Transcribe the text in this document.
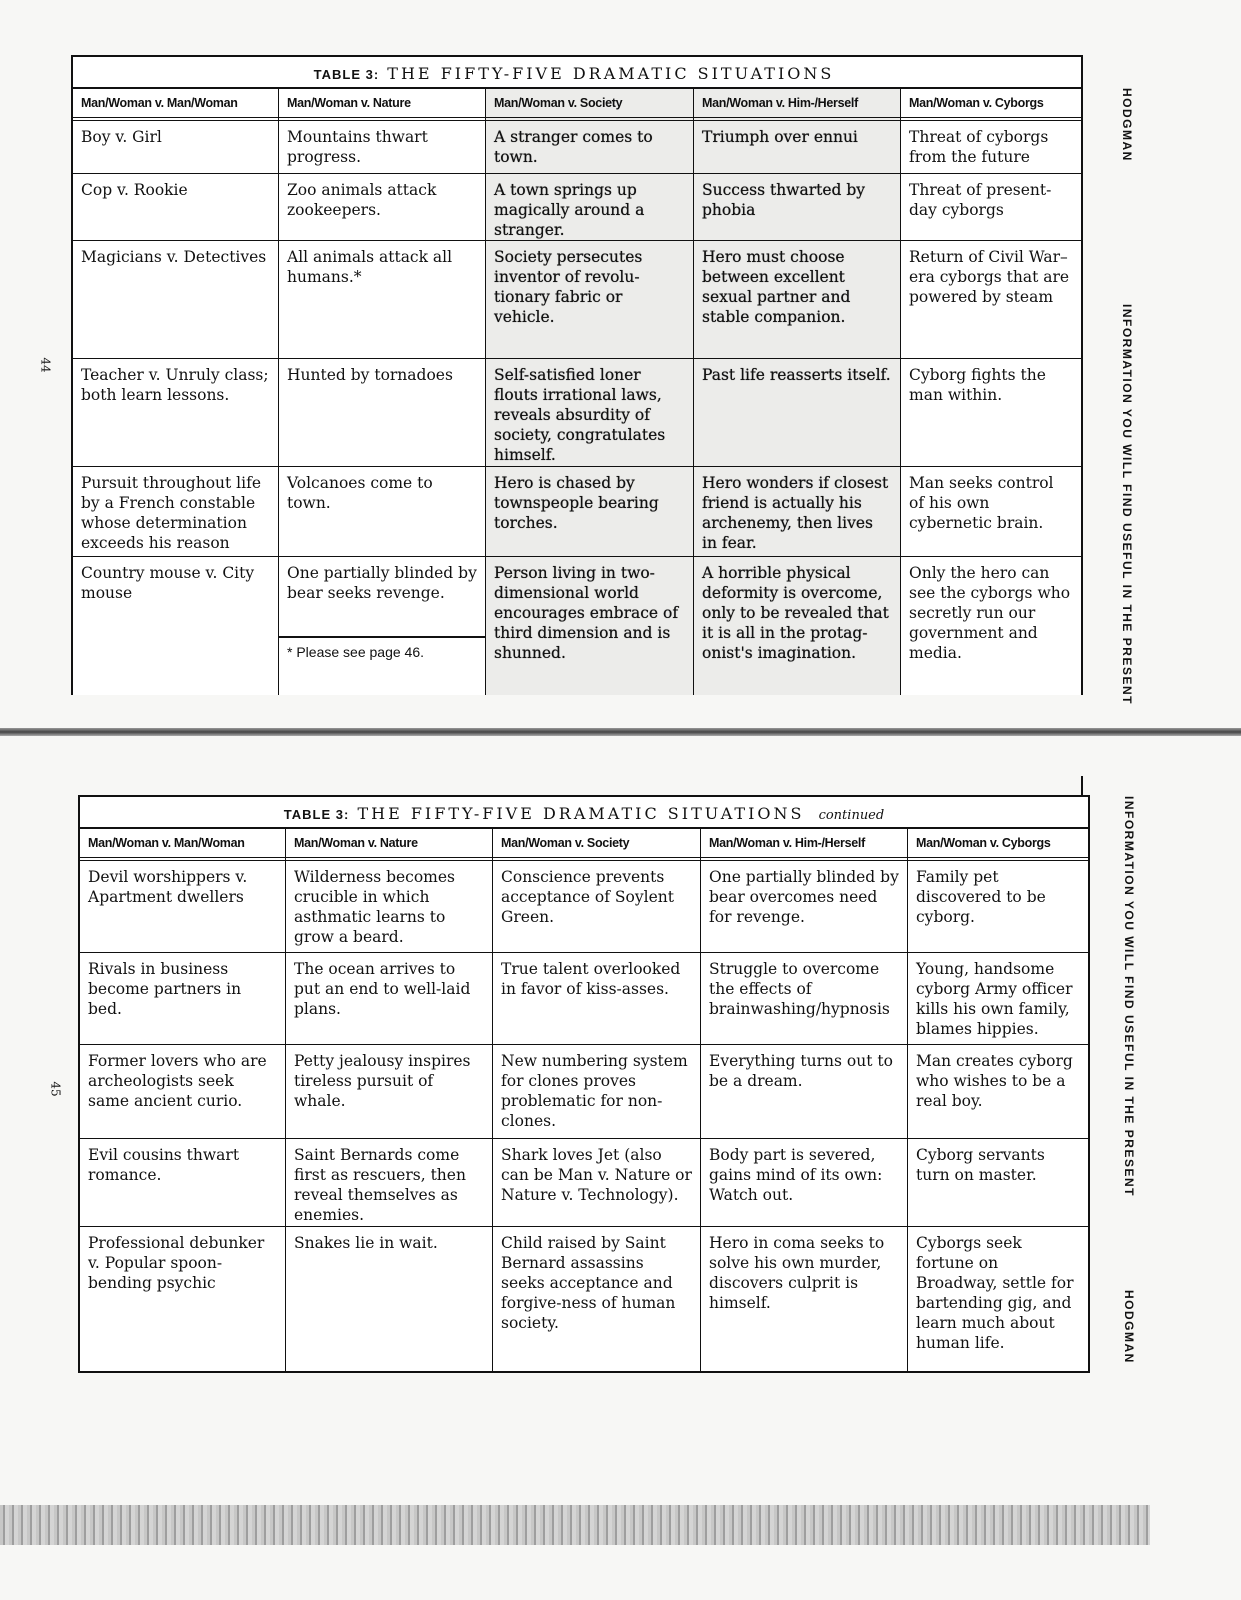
44
HODGMAN
INFORMATION YOU WILL FIND USEFUL IN THE PRESENT
TABLE 3: THE FIFTY-FIVE DRAMATIC SITUATIONS
Man/Woman v. Man/Woman
Boy v. Girl
Cop v. Rookie
Magicians v. Detectives
Teacher v. Unruly class; both learn lessons.
Pursuit throughout life by a French constable whose determination exceeds his reason
Country mouse v. City mouse
Man/Woman v. Nature
Mountains thwart progress.
Zoo animals attack zookeepers.
All animals attack all humans.*
Hunted by tornadoes
Volcanoes come to town.
One partially blinded by bear seeks revenge.
* Please see page 46.
Man/Woman v. Society
A stranger comes to town.
A town springs up magically around a stranger.
Society persecutes inventor of revolu-tionary fabric or vehicle.
Self-satisfied loner flouts irrational laws, reveals absurdity of society, congratulates himself.
Hero is chased by townspeople bearing torches.
Person living in two-dimensional world encourages embrace of third dimension and is shunned.
Man/Woman v. Him-/Herself
Triumph over ennui
Success thwarted by phobia
Hero must choose between excellent sexual partner and stable companion.
Past life reasserts itself.
Hero wonders if closest friend is actually his archenemy, then lives in fear.
A horrible physical deformity is overcome, only to be revealed that it is all in the protag-onist's imagination.
Man/Woman v. Cyborgs
Threat of cyborgs from the future
Threat of present-day cyborgs
Return of Civil War–era cyborgs that are powered by steam
Cyborg fights the man within.
Man seeks control of his own cybernetic brain.
Only the hero can see the cyborgs who secretly run our government and media.
45	INFORMATION YOU WILL FIND USEFUL IN THE PRESENT
HODGMAN
TABLE 3: THE FIFTY-FIVE DRAMATIC SITUATIONS continued
Man/Woman v. Man/Woman
Devil worshippers v. Apartment dwellers
Rivals in business become partners in bed.
Former lovers who are archeologists seek same ancient curio.
Evil cousins thwart romance.
Professional debunker v. Popular spoon-bending psychic
Man/Woman v. Nature
Wilderness becomes crucible in which asthmatic learns to grow a beard.
The ocean arrives to put an end to well-laid plans.
Petty jealousy inspires tireless pursuit of whale.
Saint Bernards come first as rescuers, then reveal themselves as enemies.
Snakes lie in wait.
Man/Woman v. Society
Conscience prevents acceptance of Soylent Green.
True talent overlooked in favor of kiss-asses.
New numbering system for clones proves problematic for non-clones.
Shark loves Jet (also can be Man v. Nature or Nature v. Technology).
Child raised by Saint Bernard assassins seeks acceptance and forgive-ness of human society.
Man/Woman v. Him-/Herself
One partially blinded by bear overcomes need for revenge.
Struggle to overcome the effects of brainwashing/hypnosis
Everything turns out to be a dream.
Body part is severed, gains mind of its own: Watch out.
Hero in coma seeks to solve his own murder, discovers culprit is himself.
Man/Woman v. Cyborgs
Family pet discovered to be cyborg.
Young, handsome cyborg Army officer kills his own family, blames hippies.
Man creates cyborg who wishes to be a real boy.
Cyborg servants turn on master.
Cyborgs seek fortune on Broadway, settle for bartending gig, and learn much about human life.
